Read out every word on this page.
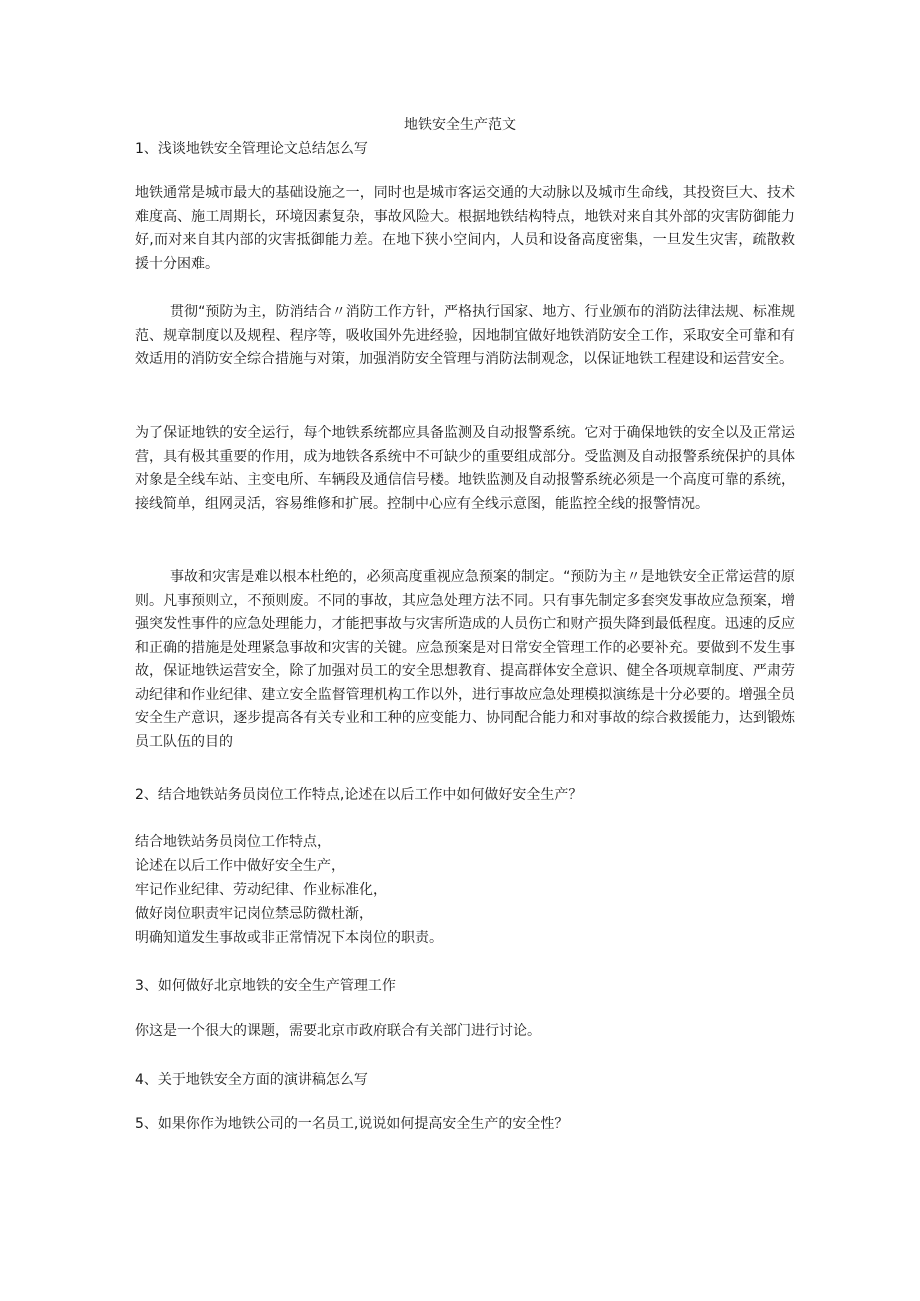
地铁安全生产范文
1、浅谈地铁安全管理论文总结怎么写

地铁通常是城市最大的基础设施之一，同时也是城市客运交通的大动脉以及城市生命线，其投资巨大、技术难度高、施工周期长，环境因素复杂，事故风险大。根据地铁结构特点，地铁对来自其外部的灾害防御能力好,而对来自其内部的灾害抵御能力差。在地下狭小空间内，人员和设备高度密集，一旦发生灾害，疏散救援十分困难。

贯彻“预防为主，防消结合〃消防工作方针，严格执行国家、地方、行业颁布的消防法律法规、标准规范、规章制度以及规程、程序等，吸收国外先进经验，因地制宜做好地铁消防安全工作，采取安全可靠和有效适用的消防安全综合措施与对策，加强消防安全管理与消防法制观念，以保证地铁工程建设和运营安全。

为了保证地铁的安全运行，每个地铁系统都应具备监测及自动报警系统。它对于确保地铁的安全以及正常运营，具有极其重要的作用，成为地铁各系统中不可缺少的重要组成部分。受监测及自动报警系统保护的具体对象是全线车站、主变电所、车辆段及通信信号楼。地铁监测及自动报警系统必须是一个高度可靠的系统，接线简单，组网灵活，容易维修和扩展。控制中心应有全线示意图，能监控全线的报警情况。

事故和灾害是难以根本杜绝的，必须高度重视应急预案的制定。“预防为主〃是地铁安全正常运营的原则。凡事预则立，不预则废。不同的事故，其应急处理方法不同。只有事先制定多套突发事故应急预案，增强突发性事件的应急处理能力，才能把事故与灾害所造成的人员伤亡和财产损失降到最低程度。迅速的反应和正确的措施是处理紧急事故和灾害的关键。应急预案是对日常安全管理工作的必要补充。要做到不发生事故，保证地铁运营安全，除了加强对员工的安全思想教育、提高群体安全意识、健全各项规章制度、严肃劳动纪律和作业纪律、建立安全监督管理机构工作以外，进行事故应急处理模拟演练是十分必要的。增强全员安全生产意识，逐步提高各有关专业和工种的应变能力、协同配合能力和对事故的综合救援能力，达到锻炼员工队伍的目的

2、结合地铁站务员岗位工作特点,论述在以后工作中如何做好安全生产？
结合地铁站务员岗位工作特点，
论述在以后工作中做好安全生产，
牢记作业纪律、劳动纪律、作业标准化，
做好岗位职责牢记岗位禁忌防微杜渐，
明确知道发生事故或非正常情况下本岗位的职责。
3、如何做好北京地铁的安全生产管理工作
你这是一个很大的课题，需要北京市政府联合有关部门进行讨论。
4、关于地铁安全方面的演讲稿怎么写
5、如果你作为地铁公司的一名员工,说说如何提高安全生产的安全性？
